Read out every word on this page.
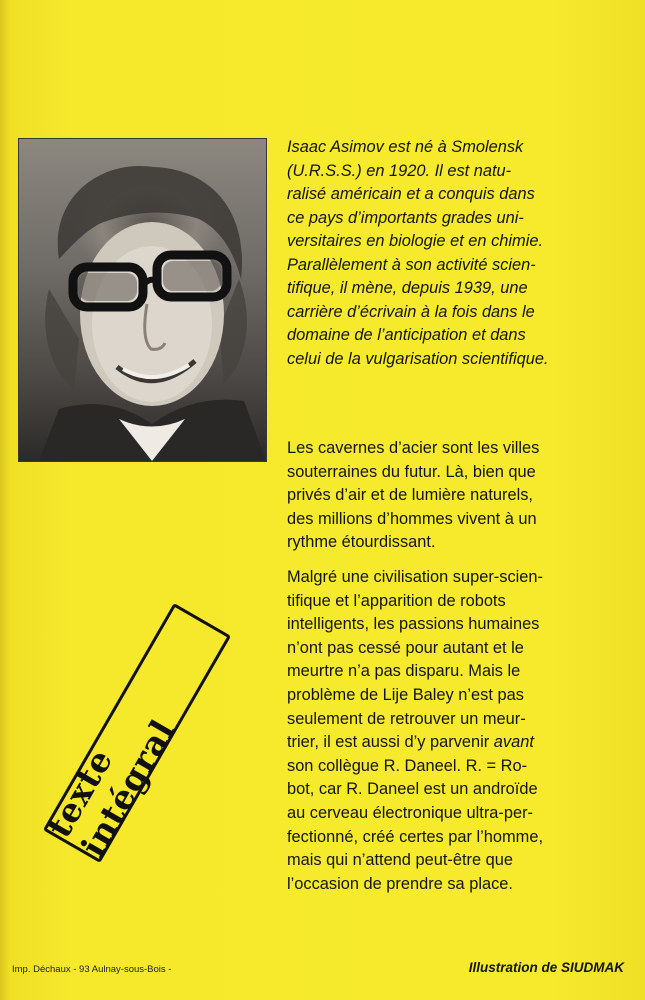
Isaac Asimov est né à Smolensk
(U.R.S.S.) en 1920. Il est natu-
ralisé américain et a conquis dans
ce pays d’importants grades uni-
versitaires en biologie et en chimie.
Parallèlement à son activité scien-
tifique, il mène, depuis 1939, une
carrière d’écrivain à la fois dans le
domaine de l’anticipation et dans
celui de la vulgarisation scientifique.
Les cavernes d’acier sont les villes
souterraines du futur. Là, bien que
privés d’air et de lumière naturels,
des millions d’hommes vivent à un
rythme étourdissant.
Malgré une civilisation super-scien-
tifique et l’apparition de robots
intelligents, les passions humaines
n’ont pas cessé pour autant et le
meurtre n’a pas disparu. Mais le
problème de Lije Baley n’est pas
seulement de retrouver un meur-
trier, il est aussi d’y parvenir avant
son collègue R. Daneel. R. = Ro-
bot, car R. Daneel est un androïde
au cerveau électronique ultra-per-
fectionné, créé certes par l’homme,
mais qui n’attend peut-être que
l’occasion de prendre sa place.
texte intégral
Imp. Déchaux - 93 Aulnay-sous-Bois -	Illustration de SIUDMAK
